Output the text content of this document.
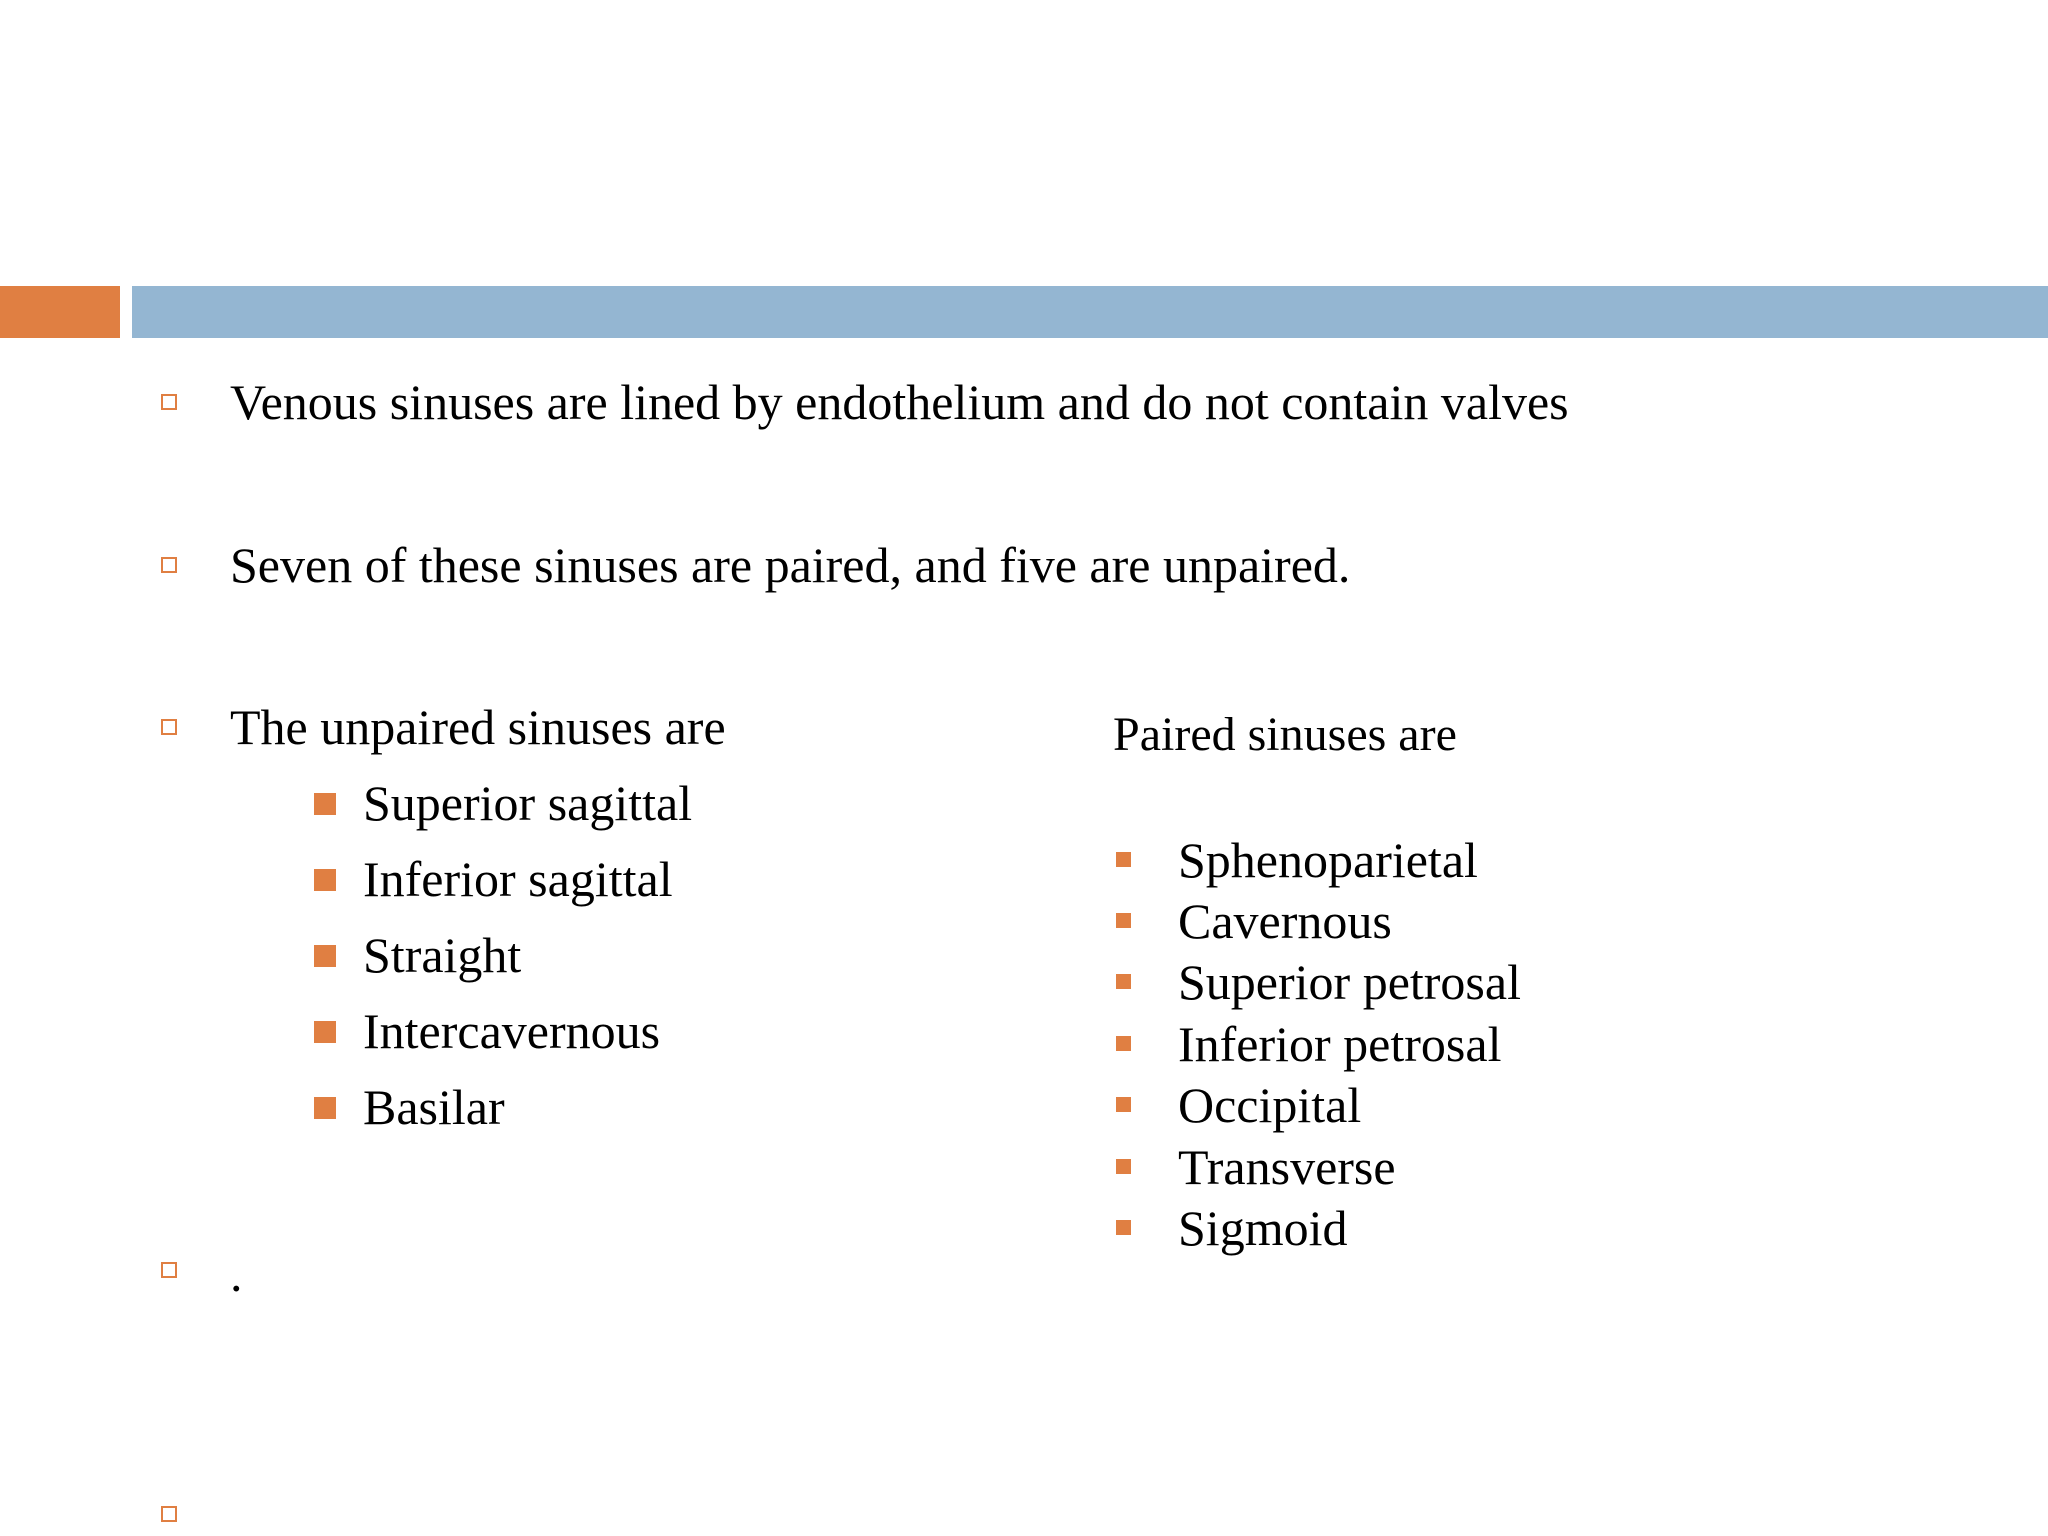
Venous sinuses are lined by endothelium and do not contain valves
Seven of these sinuses are paired, and five are unpaired.
The unpaired sinuses are
.
Superior sagittal
Inferior sagittal
Straight
Intercavernous
Basilar
Paired sinuses are
Sphenoparietal
Cavernous
Superior petrosal
Inferior petrosal
Occipital
Transverse
Sigmoid
